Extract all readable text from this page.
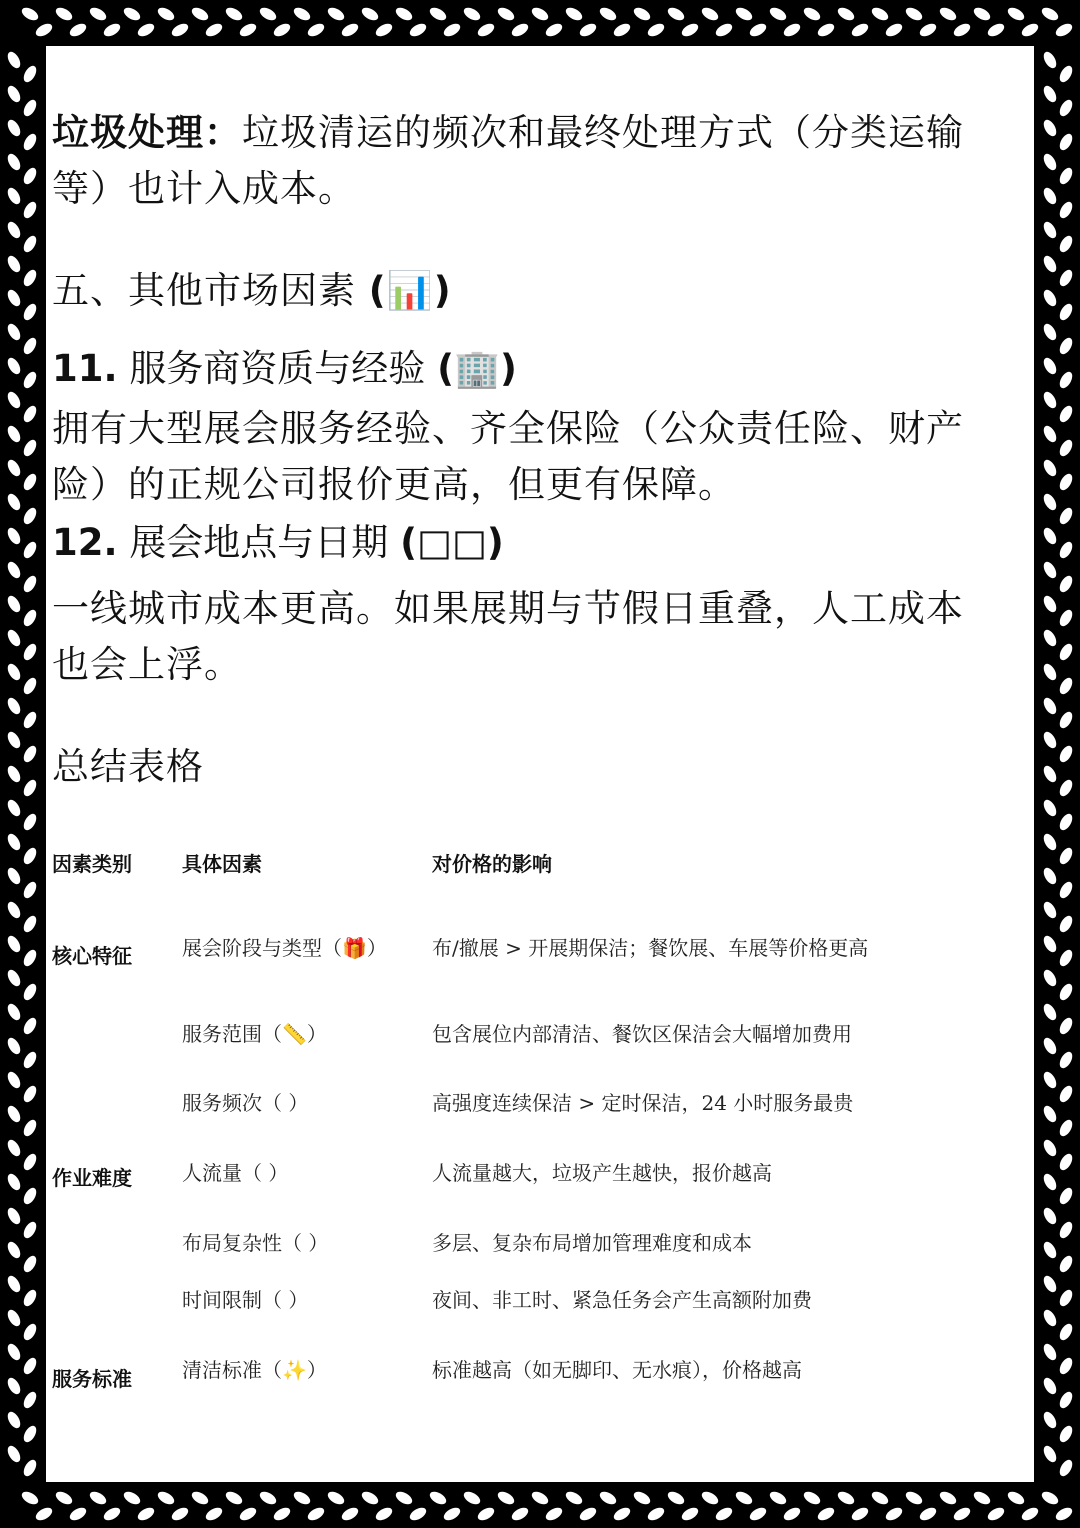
垃圾处理：垃圾清运的频次和最终处理方式（分类运输等）也计入成本。

五、其他市场因素 (📊)

11. 服务商资质与经验 (🏢)

拥有大型展会服务经验、齐全保险（公众责任险、财产险）的正规公司报价更高，但更有保障。

12. 展会地点与日期 (□□)

一线城市成本更高。如果展期与节假日重叠，人工成本也会上浮。

总结表格

因素类别	具体因素	对价格的影响
核心特征	展会阶段与类型（🎁）	布/撤展 > 开展期保洁；餐饮展、车展等价格更高
	服务范围（📏）	包含展位内部清洁、餐饮区保洁会大幅增加费用
	服务频次（ ）	高强度连续保洁 > 定时保洁，24 小时服务最贵
作业难度	人流量（ ）	人流量越大，垃圾产生越快，报价越高
	布局复杂性（ ）	多层、复杂布局增加管理难度和成本
	时间限制（ ）	夜间、非工时、紧急任务会产生高额附加费
服务标准	清洁标准（✨）	标准越高（如无脚印、无水痕），价格越高
